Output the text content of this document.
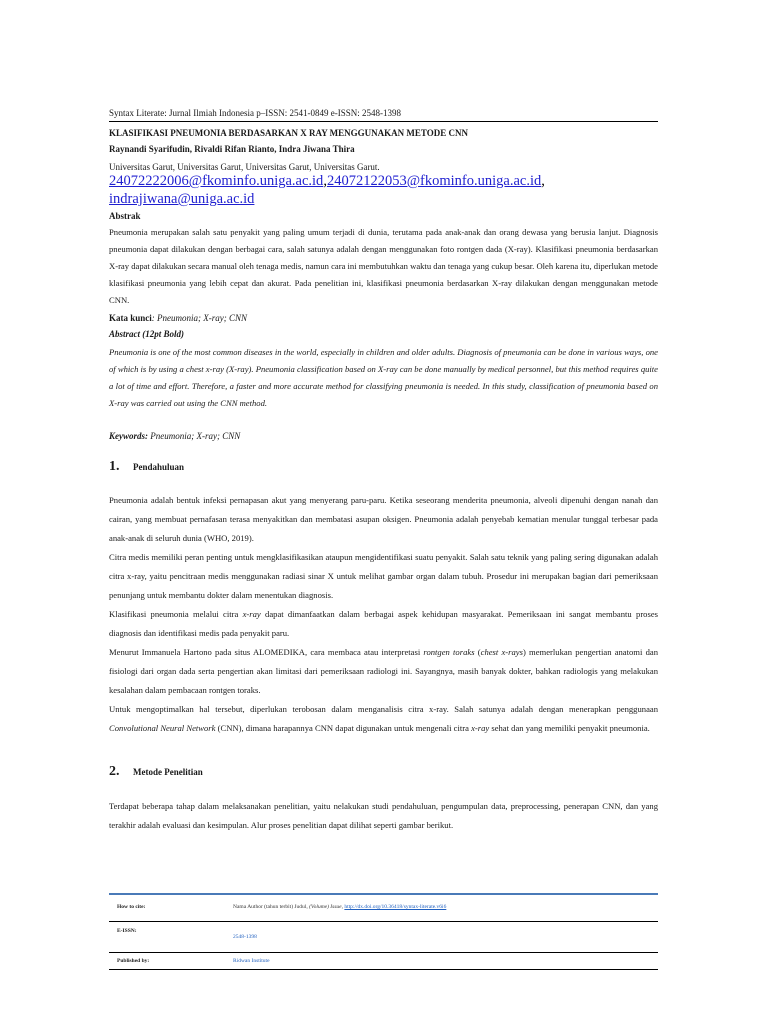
Syntax Literate: Jurnal Ilmiah Indonesia p–ISSN: 2541-0849 e-ISSN: 2548-1398
KLASIFIKASI PNEUMONIA BERDASARKAN X RAY MENGGUNAKAN METODE CNN
Raynandi Syarifudin, Rivaldi Rifan Rianto, Indra Jiwana Thira
Universitas Garut, Universitas Garut, Universitas Garut, Universitas Garut.
24072222006@fkominfo.uniga.ac.id,24072122053@fkominfo.uniga.ac.id,
indrajiwana@uniga.ac.id
Abstrak

Pneumonia merupakan salah satu penyakit yang paling umum terjadi di dunia, terutama pada anak-anak dan orang dewasa yang berusia lanjut. Diagnosis pneumonia dapat dilakukan dengan berbagai cara, salah satunya adalah dengan menggunakan foto rontgen dada (X-ray). Klasifikasi pneumonia berdasarkan X-ray dapat dilakukan secara manual oleh tenaga medis, namun cara ini membutuhkan waktu dan tenaga yang cukup besar. Oleh karena itu, diperlukan metode klasifikasi pneumonia yang lebih cepat dan akurat. Pada penelitian ini, klasifikasi pneumonia berdasarkan X-ray dilakukan dengan menggunakan metode CNN.

Kata kunci: Pneumonia; X-ray; CNN
Abstract (12pt Bold)

Pneumonia is one of the most common diseases in the world, especially in children and older adults. Diagnosis of pneumonia can be done in various ways, one of which is by using a chest x-ray (X-ray). Pneumonia classification based on X-ray can be done manually by medical personnel, but this method requires quite a lot of time and effort. Therefore, a faster and more accurate method for classifying pneumonia is needed. In this study, classification of pneumonia based on X-ray was carried out using the CNN method.

Keywords: Pneumonia; X-ray; CNN
1. Pendahuluan

Pneumonia adalah bentuk infeksi pernapasan akut yang menyerang paru-paru. Ketika seseorang menderita pneumonia, alveoli dipenuhi dengan nanah dan cairan, yang membuat pernafasan terasa menyakitkan dan membatasi asupan oksigen. Pneumonia adalah penyebab kematian menular tunggal terbesar pada anak-anak di seluruh dunia (WHO, 2019).

Citra medis memiliki peran penting untuk mengklasifikasikan ataupun mengidentifikasi suatu penyakit. Salah satu teknik yang paling sering digunakan adalah citra x-ray, yaitu pencitraan medis menggunakan radiasi sinar X untuk melihat gambar organ dalam tubuh. Prosedur ini merupakan bagian dari pemeriksaan penunjang untuk membantu dokter dalam menentukan diagnosis.

Klasifikasi pneumonia melalui citra x-ray dapat dimanfaatkan dalam berbagai aspek kehidupan masyarakat. Pemeriksaan ini sangat membantu proses diagnosis dan identifikasi medis pada penyakit paru.

Menurut Immanuela Hartono pada situs ALOMEDIKA, cara membaca atau interpretasi rontgen toraks (chest x-rays) memerlukan pengertian anatomi dan fisiologi dari organ dada serta pengertian akan limitasi dari pemeriksaan radiologi ini. Sayangnya, masih banyak dokter, bahkan radiologis yang melakukan kesalahan dalam pembacaan rontgen toraks.

Untuk mengoptimalkan hal tersebut, diperlukan terobosan dalam menganalisis citra x-ray. Salah satunya adalah dengan menerapkan penggunaan Convolutional Neural Network (CNN), dimana harapannya CNN dapat digunakan untuk mengenali citra x-ray sehat dan yang memiliki penyakit pneumonia.

2. Metode Penelitian

Terdapat beberapa tahap dalam melaksanakan penelitian, yaitu nelakukan studi pendahuluan, pengumpulan data, preprocessing, penerapan CNN, dan yang terakhir adalah evaluasi dan kesimpulan. Alur proses penelitian dapat dilihat seperti gambar berikut.

How to cite:	Nama Author (tahun terbit) Judul, (Volume) Issue, http://dx.doi.org/10.36418/syntax-literate.v6i6
E-ISSN:
2548-1398
Published by:	Ridwan Institute
